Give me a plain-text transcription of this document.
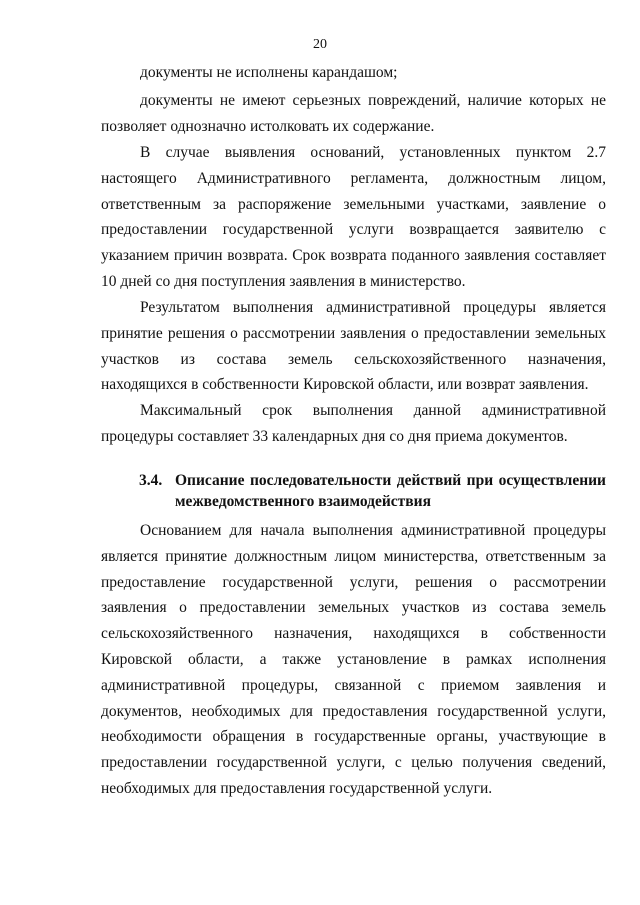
20

документы не исполнены карандашом;

документы не имеют серьезных повреждений, наличие которых не позволяет однозначно истолковать их содержание.

В случае выявления оснований, установленных пунктом 2.7 настоящего Административного регламента, должностным лицом, ответственным за распоряжение земельными участками, заявление о предоставлении государственной услуги возвращается заявителю с указанием причин возврата. Срок возврата поданного заявления составляет 10 дней со дня поступления заявления в министерство.

Результатом выполнения административной процедуры является принятие решения о рассмотрении заявления о предоставлении земельных участков из состава земель сельскохозяйственного назначения, находящихся в собственности Кировской области, или возврат заявления.

Максимальный срок выполнения данной административной процедуры составляет 33 календарных дня со дня приема документов.

3.4. Описание последовательности действий при осуществлении межведомственного взаимодействия

Основанием для начала выполнения административной процедуры является принятие должностным лицом министерства, ответственным за предоставление государственной услуги, решения о рассмотрении заявления о предоставлении земельных участков из состава земель сельскохозяйственного назначения, находящихся в собственности Кировской области, а также установление в рамках исполнения административной процедуры, связанной с приемом заявления и документов, необходимых для предоставления государственной услуги, необходимости обращения в государственные органы, участвующие в предоставлении государственной услуги, с целью получения сведений, необходимых для предоставления государственной услуги.
